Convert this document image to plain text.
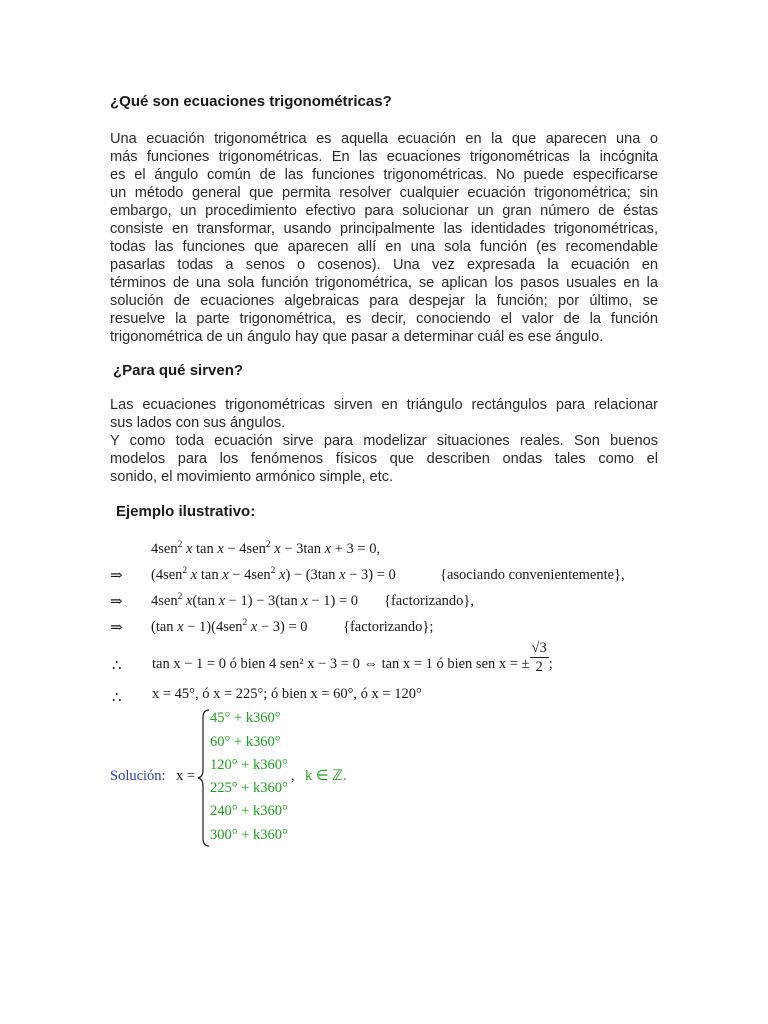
¿Qué son ecuaciones trigonométricas?
Una ecuación trigonométrica es aquella ecuación en la que aparecen una o
más funciones trigonométricas. En las ecuaciones trigonométricas la incógnita
es el ángulo común de las funciones trigonométricas. No puede especificarse
un método general que permita resolver cualquier ecuación trigonométrica; sin
embargo, un procedimiento efectivo para solucionar un gran número de éstas
consiste en transformar, usando principalmente las identidades trigonométricas,
todas las funciones que aparecen allí en una sola función (es recomendable
pasarlas todas a senos o cosenos). Una vez expresada la ecuación en
términos de una sola función trigonométrica, se aplican los pasos usuales en la
solución de ecuaciones algebraicas para despejar la función; por último, se
resuelve la parte trigonométrica, es decir, conociendo el valor de la función
trigonométrica de un ángulo hay que pasar a determinar cuál es ese ángulo.
¿Para qué sirven?
Las ecuaciones trigonométricas sirven en triángulo rectángulos para relacionar
sus lados con sus ángulos.
Y como toda ecuación sirve para modelizar situaciones reales. Son buenos
modelos para los fenómenos físicos que describen ondas tales como el
sonido, el movimiento armónico simple, etc.
Ejemplo ilustrativo:
4sen$^2$ x tan x − 4sen$^2$ x − 3tan x + 3 = 0,
⇒ (4sen$^2$ x tan x − 4sen$^2$ x) − (3tan x − 3) = 0	{asociando convenientemente},
⇒ 4sen$^2$ x(tan x − 1) − 3(tan x − 1) = 0 {factorizando},
⇒ (tan x − 1)(4sen$^2$ x − 3) = 0 {factorizando};
∴ tan x − 1 = 0 ó bien 4 sen² x − 3 = 0 ⇔ tan x = 1 ó bien sen x = ± $\frac{√3}{2}$ ;
∴ x = 45°, ó x = 225°; ó bien x = 60°, ó x = 120°
Solución: x =
45° + k360°
60° + k360°
120° + k360°
225° + k360°
240° + k360°
300° + k360°
, k ∈ ℤ.
